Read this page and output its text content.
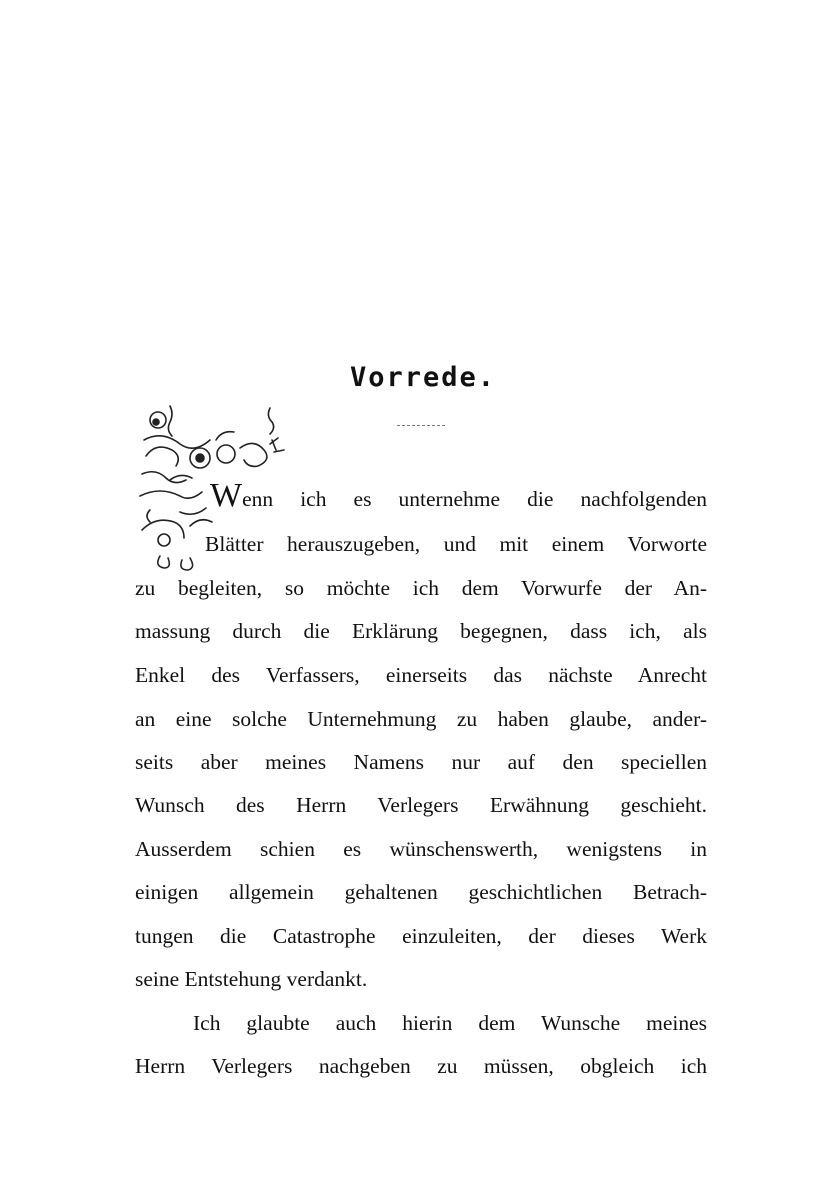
Vorrede.
Wenn ich es unternehme die nachfolgenden
Blätter herauszugeben, und mit einem Vorworte
zu begleiten, so möchte ich dem Vorwurfe der An-
massung durch die Erklärung begegnen, dass ich, als
Enkel des Verfassers, einerseits das nächste Anrecht
an eine solche Unternehmung zu haben glaube, ander-
seits aber meines Namens nur auf den speciellen
Wunsch des Herrn Verlegers Erwähnung geschieht.
Ausserdem schien es wünschenswerth, wenigstens in
einigen allgemein gehaltenen geschichtlichen Betrach-
tungen die Catastrophe einzuleiten, der dieses Werk
seine Entstehung verdankt.
Ich glaubte auch hierin dem Wunsche meines
Herrn Verlegers nachgeben zu müssen, obgleich ich
